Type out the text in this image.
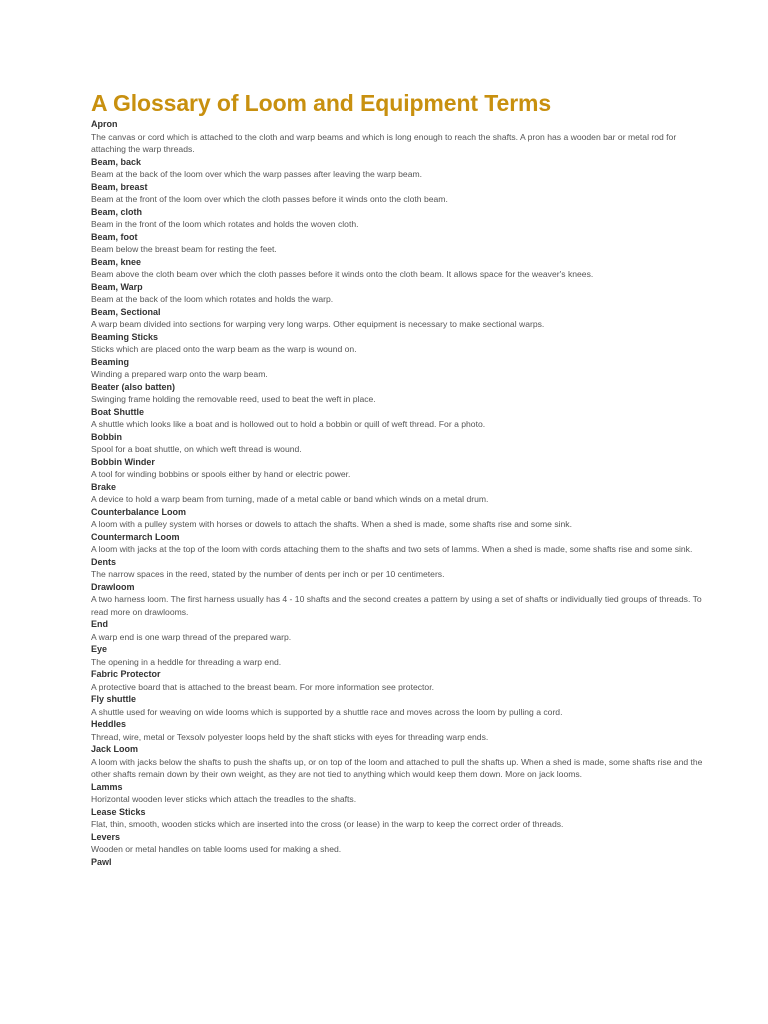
A Glossary of Loom and Equipment Terms
Apron
The canvas or cord which is attached to the cloth and warp beams and which is long enough to reach the shafts. A pron has a wooden bar or metal rod for attaching the warp threads.
Beam, back
Beam at the back of the loom over which the warp passes after leaving the warp beam.
Beam, breast
Beam at the front of the loom over which the cloth passes before it winds onto the cloth beam.
Beam, cloth
Beam in the front of the loom which rotates and holds the woven cloth.
Beam, foot
Beam below the breast beam for resting the feet.
Beam, knee
Beam above the cloth beam over which the cloth passes before it winds onto the cloth beam. It allows space for the weaver's knees.
Beam, Warp
Beam at the back of the loom which rotates and holds the warp.
Beam, Sectional
A warp beam divided into sections for warping very long warps. Other equipment is necessary to make sectional warps.
Beaming Sticks
Sticks which are placed onto the warp beam as the warp is wound on.
Beaming
Winding a prepared warp onto the warp beam.
Beater (also batten)
Swinging frame holding the removable reed, used to beat the weft in place.
Boat Shuttle
A shuttle which looks like a boat and is hollowed out to hold a bobbin or quill of weft thread. For a photo.
Bobbin
Spool for a boat shuttle, on which weft thread is wound.
Bobbin Winder
A tool for winding bobbins or spools either by hand or electric power.
Brake
A device to hold a warp beam from turning, made of a metal cable or band which winds on a metal drum.
Counterbalance Loom
A loom with a pulley system with horses or dowels to attach the shafts. When a shed is made, some shafts rise and some sink.
Countermarch Loom
A loom with jacks at the top of the loom with cords attaching them to the shafts and two sets of lamms. When a shed is made, some shafts rise and some sink.
Dents
The narrow spaces in the reed, stated by the number of dents per inch or per 10 centimeters.
Drawloom
A two harness loom. The first harness usually has 4 - 10 shafts and the second creates a pattern by using a set of shafts or individually tied groups of threads. To read more on drawlooms.
End
A warp end is one warp thread of the prepared warp.
Eye
The opening in a heddle for threading a warp end.
Fabric Protector
A protective board that is attached to the breast beam. For more information see protector.
Fly shuttle
A shuttle used for weaving on wide looms which is supported by a shuttle race and moves across the loom by pulling a cord.
Heddles
Thread, wire, metal or Texsolv polyester loops held by the shaft sticks with eyes for threading warp ends.
Jack Loom
A loom with jacks below the shafts to push the shafts up, or on top of the loom and attached to pull the shafts up. When a shed is made, some shafts rise and the other shafts remain down by their own weight, as they are not tied to anything which would keep them down. More on jack looms.
Lamms
Horizontal wooden lever sticks which attach the treadles to the shafts.
Lease Sticks
Flat, thin, smooth, wooden sticks which are inserted into the cross (or lease) in the warp to keep the correct order of threads.
Levers
Wooden or metal handles on table looms used for making a shed.
Pawl
